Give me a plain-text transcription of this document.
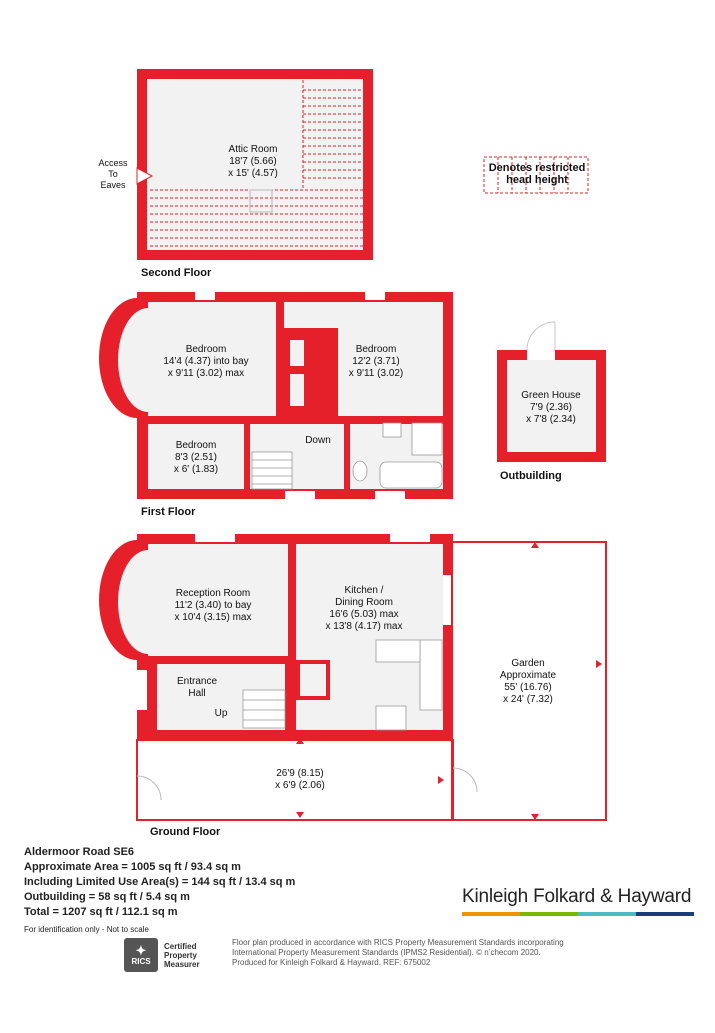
Attic Room
18'7 (5.66)
x 15' (4.57)
Access
To
Eaves
Second Floor
Denotes restricted
head height
Bedroom
14'4 (4.37) into bay
x 9'11 (3.02) max
Bedroom
12'2 (3.71)
x 9'11 (3.02)
Bedroom
8'3 (2.51)
x 6' (1.83)
Down
First Floor
Green House
7'9 (2.36)
x 7'8 (2.34)
Outbuilding
Reception Room
11'2 (3.40) to bay
x 10'4 (3.15) max
Kitchen /
Dining Room
16'6 (5.03) max
x 13'8 (4.17) max
Entrance
Hall
Up
Garden
Approximate
55' (16.76)
x 24' (7.32)
26'9 (8.15)
x 6'9 (2.06)
Ground Floor
Aldermoor Road SE6
Approximate Area = 1005 sq ft / 93.4 sq m
Including Limited Use Area(s) = 144 sq ft / 13.4 sq m
Outbuilding = 58 sq ft / 5.4 sq m
Total = 1207 sq ft / 112.1 sq m
For identification only - Not to scale
Kinleigh Folkard & Hayward
✦
RICS
Certified
Property
Measurer
Floor plan produced in accordance with RICS Property Measurement Standards incorporating
International Property Measurement Standards (IPMS2 Residential). © n’checom 2020.
Produced for Kinleigh Folkard & Hayward. REF: 675002
